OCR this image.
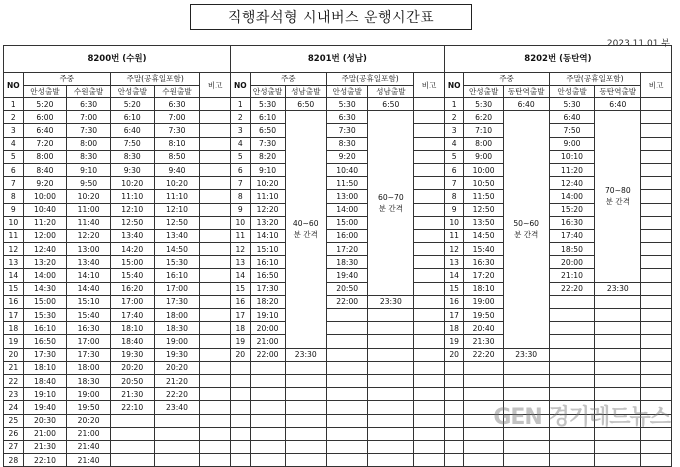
직행좌석형 시내버스 운행시간표
2023.11.01 부
8200번 (수원)						8201번 (성남)						8202번 (동탄역)					
NO	주중		주말(공휴일포함)		비고	NO	주중		주말(공휴일포함)		비고	NO	주중		주말(공휴일포함)		비고
	안성출발	수원출발	안성출발	수원출발			안성출발	성남출발	안성출발	성남출발			안성출발	동탄역출발	안성출발	동탄역출발	
1	5:20	6:30	5:20	6:30		1	5:30	6:50	5:30	6:50		1	5:30	6:40	5:30	6:40	
2	6:00	7:00	6:10	7:00		2	6:10	40~60분 간격	6:30	60~70분 간격		2	6:20	50~60분 간격	6:40	70~80분 간격	
3	6:40	7:30	6:40	7:30		3	6:50		7:30			3	7:10		7:50		
4	7:20	8:00	7:50	8:10		4	7:30		8:30			4	8:00		9:00		
5	8:00	8:30	8:30	8:50		5	8:20		9:20			5	9:00		10:10		
6	8:40	9:10	9:30	9:40		6	9:10		10:40			6	10:00		11:20		
7	9:20	9:50	10:20	10:20		7	10:20		11:50			7	10:50		12:40		
8	10:00	10:20	11:10	11:10		8	11:10		13:00			8	11:50		14:00		
9	10:40	11:00	12:10	12:10		9	12:20		14:00			9	12:50		15:20		
10	11:20	11:40	12:50	12:50		10	13:20		15:00			10	13:50		16:30		
11	12:00	12:20	13:40	13:40		11	14:10		16:00			11	14:50		17:40		
12	12:40	13:00	14:20	14:50		12	15:10		17:20			12	15:40		18:50		
13	13:20	13:40	15:00	15:30		13	16:10		18:30			13	16:30		20:00		
14	14:00	14:10	15:40	16:10		14	16:50		19:40			14	17:20		21:10		
15	14:30	14:40	16:20	17:00		15	17:30		20:50			15	18:10		22:20	23:30	
16	15:00	15:10	17:00	17:30		16	18:20		22:00	23:30		16	19:00				
17	15:30	15:40	17:40	18:00		17	19:10					17	19:50				
18	16:10	16:30	18:10	18:30		18	20:00					18	20:40				
19	16:50	17:00	18:40	19:00		19	21:00					19	21:30				
20	17:30	17:30	19:30	19:30		20	22:00	23:30				20	22:20	23:30			
21	18:10	18:00	20:20	20:20													
22	18:40	18:30	20:50	21:20													
23	19:10	19:00	21:30	22:20													
24	19:40	19:50	22:10	23:40													
25	20:30	20:20															
26	21:00	21:00															
27	21:30	21:40															
28	22:10	21:40															
GEN 경기레드뉴스
